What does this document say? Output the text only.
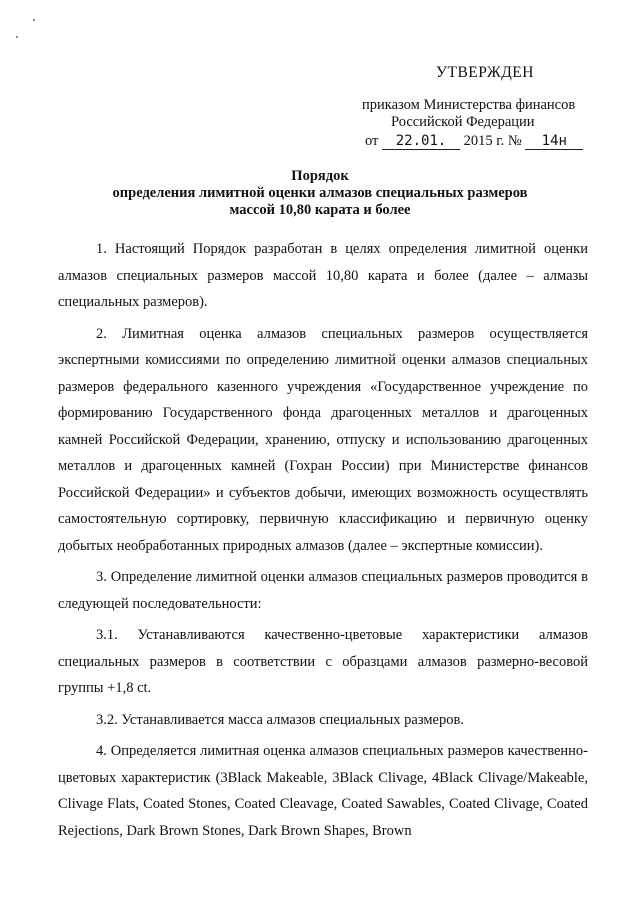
УТВЕРЖДЕН
приказом Министерства финансов
Российской Федерации
от 22.01. 2015 г. № 14н
Порядок
определения лимитной оценки алмазов специальных размеров
массой 10,80 карата и более

1. Настоящий Порядок разработан в целях определения лимитной оценки алмазов специальных размеров массой 10,80 карата и более (далее – алмазы специальных размеров).

2. Лимитная оценка алмазов специальных размеров осуществляется экспертными комиссиями по определению лимитной оценки алмазов специальных размеров федерального казенного учреждения «Государственное учреждение по формированию Государственного фонда драгоценных металлов и драгоценных камней Российской Федерации, хранению, отпуску и использованию драгоценных металлов и драгоценных камней (Гохран России) при Министерстве финансов Российской Федерации» и субъектов добычи, имеющих возможность осуществлять самостоятельную сортировку, первичную классификацию и первичную оценку добытых необработанных природных алмазов (далее – экспертные комиссии).

3. Определение лимитной оценки алмазов специальных размеров проводится в следующей последовательности:

3.1. Устанавливаются качественно-цветовые характеристики алмазов специальных размеров в соответствии с образцами алмазов размерно-весовой группы +1,8 ct.

3.2. Устанавливается масса алмазов специальных размеров.

4. Определяется лимитная оценка алмазов специальных размеров качественно-цветовых характеристик (3Black Makeable, 3Black Clivage, 4Black Clivage/Makeable, Clivage Flats, Coated Stones, Coated Cleavage, Coated Sawables, Coated Clivage, Coated Rejections, Dark Brown Stones, Dark Brown Shapes, Brown
